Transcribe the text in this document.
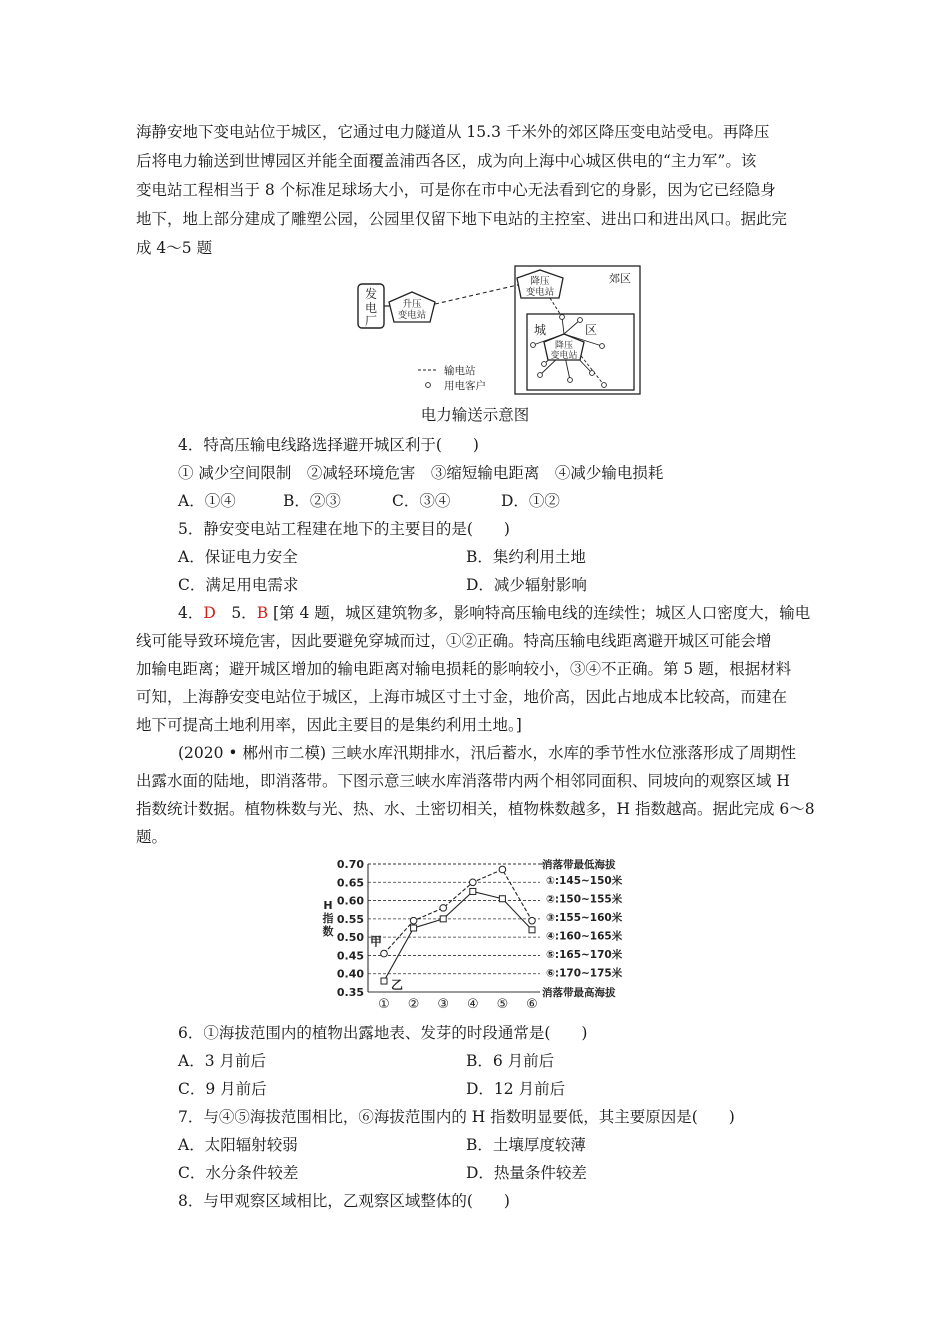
海静安地下变电站位于城区，它通过电力隧道从 15.3 千米外的郊区降压变电站受电。再降压
后将电力输送到世博园区并能全面覆盖浦西各区，成为向上海中心城区供电的“主力军”。该
变电站工程相当于 8 个标准足球场大小，可是你在市中心无法看到它的身影，因为它已经隐身
地下，地上部分建成了雕塑公园，公园里仅留下地下电站的主控室、进出口和进出风口。据此完
成 4～5 题
发
电
厂
升压
变电站
郊区
降压
变电站
城	区
降压
变电站
输电站
用电客户
电力输送示意图
4．特高压输电线路选择避开城区利于(　　)
① 减少空间限制　②减轻环境危害　③缩短输电距离　④减少输电损耗
A．①④	B．②③	C．③④	D．①②
5．静安变电站工程建在地下的主要目的是(　　)
A．保证电力安全	B．集约利用土地
C．满足用电需求	D．减少辐射影响
4．D　5．B [第 4 题，城区建筑物多，影响特高压输电线的连续性；城区人口密度大，输电
线可能导致环境危害，因此要避免穿城而过，①②正确。特高压输电线距离避开城区可能会增
加输电距离；避开城区增加的输电距离对输电损耗的影响较小，③④不正确。第 5 题，根据材料
可知，上海静安变电站位于城区，上海市城区寸土寸金，地价高，因此占地成本比较高，而建在
地下可提高土地利用率，因此主要目的是集约利用土地。]
(2020 • 郴州市二模) 三峡水库汛期排水，汛后蓄水，水库的季节性水位涨落形成了周期性
出露水面的陆地，即消落带。下图示意三峡水库消落带内两个相邻同面积、同坡向的观察区域 H
指数统计数据。植物株数与光、热、水、土密切相关，植物株数越多，H 指数越高。据此完成 6～8
题。
0.70
0.65
0.60
0.55
0.50
0.45
0.40
0.35
① ② ③ ④ ⑤ ⑥
①:145~150米
②:150~155米
③:155~160米
④:160~165米
⑤:165~170米
⑥:170~175米
H
指
数
甲
乙
消落带最低海拔
消落带最高海拔
6．①海拔范围内的植物出露地表、发芽的时段通常是(　　)
A．3 月前后	B．6 月前后
C．9 月前后	D．12 月前后
7．与④⑤海拔范围相比，⑥海拔范围内的 H 指数明显要低，其主要原因是(　　)
A．太阳辐射较弱	B．土壤厚度较薄
C．水分条件较差	D．热量条件较差
8．与甲观察区域相比，乙观察区域整体的(　　)
